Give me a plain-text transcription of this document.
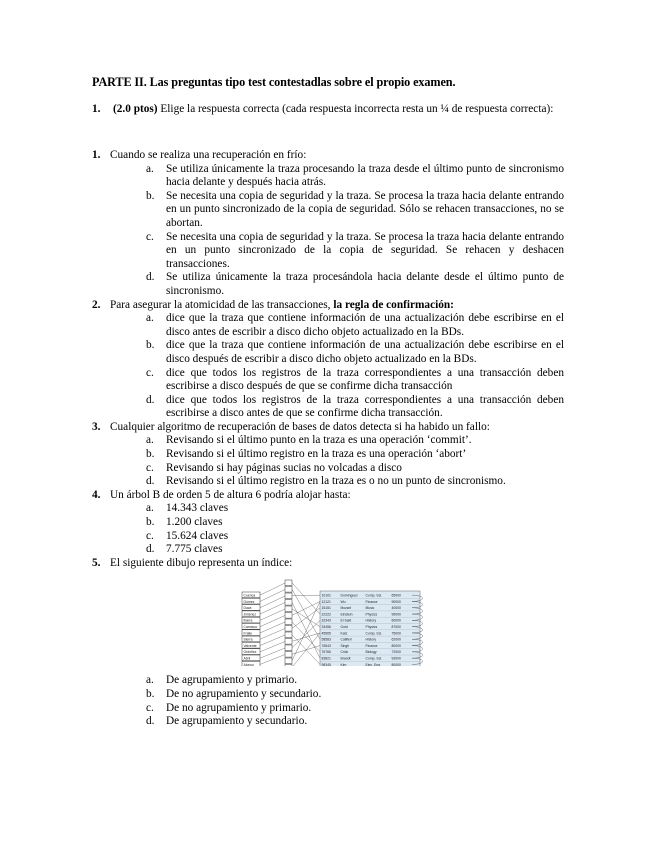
PARTE II. Las preguntas tipo test contestadlas sobre el propio examen.
1. (2.0 ptos) Elige la respuesta correcta (cada respuesta incorrecta resta un ¼ de respuesta correcta):
1. Cuando se realiza una recuperación en frío:
a. Se utiliza únicamente la traza procesando la traza desde el último punto de sincronismo hacia delante y después hacia atrás.
b. Se necesita una copia de seguridad y la traza. Se procesa la traza hacia delante entrando en un punto sincronizado de la copia de seguridad. Sólo se rehacen transacciones, no se abortan.
c. Se necesita una copia de seguridad y la traza. Se procesa la traza hacia delante entrando en un punto sincronizado de la copia de seguridad. Se rehacen y deshacen transacciones.
d. Se utiliza únicamente la traza procesándola hacia delante desde el último punto de sincronismo.
2. Para asegurar la atomicidad de las transacciones, la regla de confirmación:
a. dice que la traza que contiene información de una actualización debe escribirse en el disco antes de escribir a disco dicho objeto actualizado en la BDs.
b. dice que la traza que contiene información de una actualización debe escribirse en el disco después de escribir a disco dicho objeto actualizado en la BDs.
c. dice que todos los registros de la traza correspondientes a una transacción deben escribirse a disco después de que se confirme dicha transacción
d. dice que todos los registros de la traza correspondientes a una transacción deben escribirse a disco antes de que se confirme dicha transacción.
3. Cualquier algoritmo de recuperación de bases de datos detecta si ha habido un fallo:
a. Revisando si el último punto en la traza es una operación ‘commit’.
b. Revisando si el último registro en la traza es una operación ‘abort’
c. Revisando si hay páginas sucias no volcadas a disco
d. Revisando si el último registro en la traza es o no un punto de sincronismo.
4. Un árbol B de orden 5 de altura 6 podría alojar hasta:
a. 14.343 claves
b. 1.200 claves
c. 15.624 claves
d. 7.775 claves
5. El siguiente dibujo representa un índice:
Cuenca
Gómez
Daza
Jiménez
Ibarra
Carrasco
Fraile
Sierra
Valverde
Ordóñez
Abril
Alonso
10101	Domínguez Comp. Sci.	65000
12121	Wu	Finance	90000
15151	Mozart	Music	40000
22222	Einstein	Physics	95000
32343	El Said	History	60000
33456	Gold	Physics	87000
45565	Katz	Comp. Sci.	75000
58583	Califieri	History	62000
76543	Singh	Finance	80000
76766	Crick	Biology	72000
83821	Brandt	Comp. Sci.	92000
98345	Kim	Elec. Eng.	80000
a. De agrupamiento y primario.
b. De no agrupamiento y secundario.
c. De no agrupamiento y primario.
d. De agrupamiento y secundario.
